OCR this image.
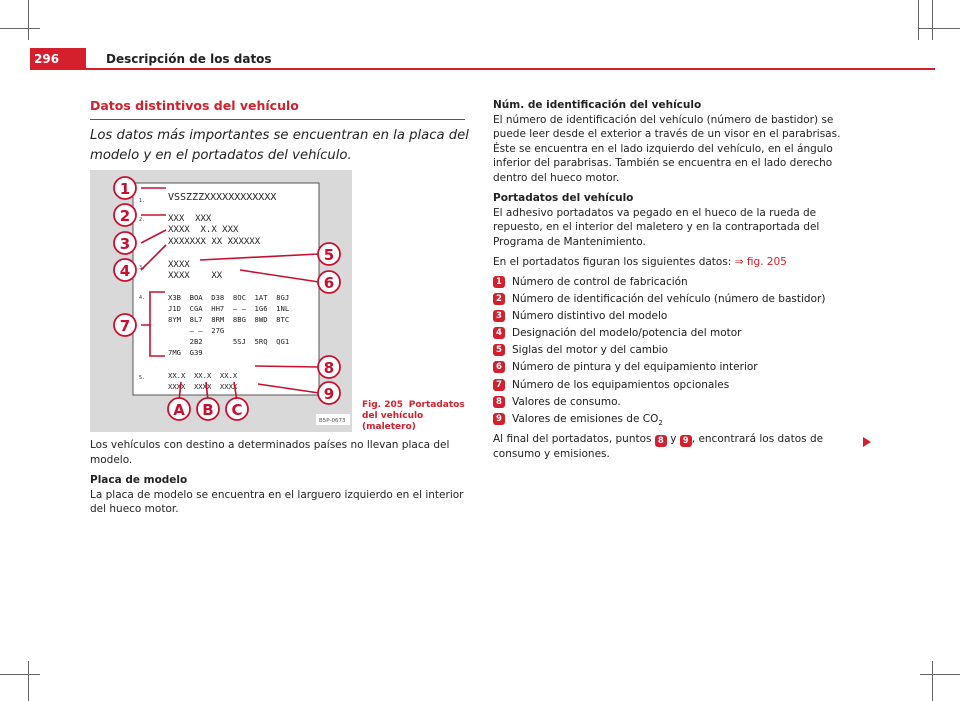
296	Descripción de los datos
Datos distintivos del vehículo
Los datos más importantes se encuentran en la placa del modelo y en el portadatos del vehículo.
1.
2.
3.
4.
5.
VSSZZZXXXXXXXXXXXX
XXX  XXX
XXXX  X.X XXX
XXXXXXX XX XXXXXX
XXXX
XXXX    XX
X3B  BOA  D38  8OC  1AT  8GJ
J1D  CGA  HH7  – –  1G6  1NL
8YM  8L7  8RM  8BG  8WD  8TC
– –  27G
2B2       5SJ  5RQ  QG1
7MG  G39
XX.X  XX.X  XX.X
XXXX  XXXX  XXXX
1
2
3
4
5
6
7
8
9
A B C
B5P-0673
Fig. 205 Portadatos del vehículo (maletero)

Los vehículos con destino a determinados países no llevan placa del modelo.

Placa de modelo

La placa de modelo se encuentra en el larguero izquierdo en el interior del hueco motor.

Núm. de identificación del vehículo

El número de identificación del vehículo (número de bastidor) se puede leer desde el exterior a través de un visor en el parabrisas. Éste se encuentra en el lado izquierdo del vehículo, en el ángulo inferior del parabrisas. También se encuentra en el lado derecho dentro del hueco motor.

Portadatos del vehículo

El adhesivo portadatos va pegado en el hueco de la rueda de repuesto, en el interior del maletero y en la contraportada del Programa de Mantenimiento.

En el portadatos figuran los siguientes datos: ⇒ fig. 205

1 Número de control de fabricación
2 Número de identificación del vehículo (número de bastidor)
3 Número distintivo del modelo
4 Designación del modelo/potencia del motor
5 Siglas del motor y del cambio
6 Número de pintura y del equipamiento interior
7 Número de los equipamientos opcionales
8 Valores de consumo.
9 Valores de emisiones de $CO_2$

Al final del portadatos, puntos 8 y 9 , encontrará los datos de consumo y emisiones.
